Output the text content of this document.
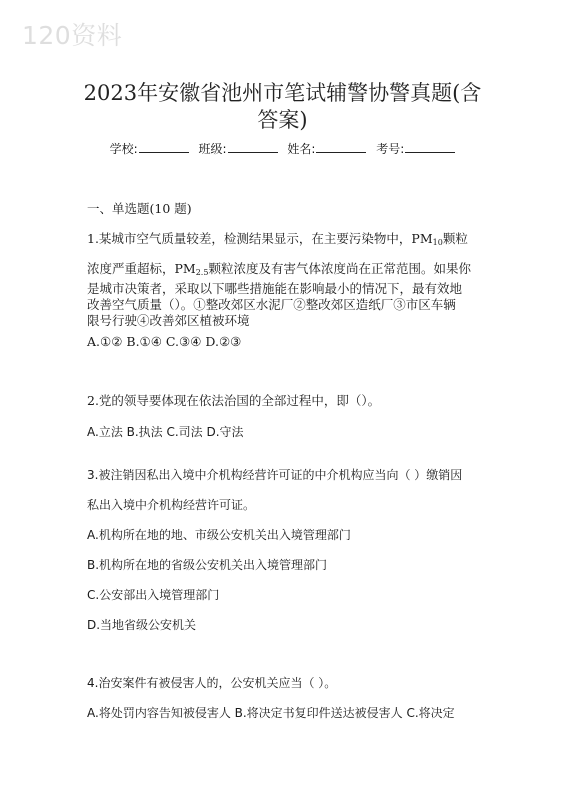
120资料
2023年安徽省池州市笔试辅警协警真题(含
答案)
学校:	班级:	姓名:	考号:
一、单选题(10 题)
1.某城市空气质量较差，检测结果显示，在主要污染物中，$PM_{10}$颗粒
浓度严重超标，$PM_{2.5}$颗粒浓度及有害气体浓度尚在正常范围。如果你
是城市决策者，采取以下哪些措施能在影响最小的情况下，最有效地
改善空气质量（）。①整改郊区水泥厂②整改郊区造纸厂③市区车辆
限号行驶④改善郊区植被环境
A.①② B.①④ C.③④ D.②③
2.党的领导要体现在依法治国的全部过程中，即（）。
A.立法 B.执法 C.司法 D.守法
3.被注销因私出入境中介机构经营许可证的中介机构应当向（ ）缴销因
私出入境中介机构经营许可证。
A.机构所在地的地、市级公安机关出入境管理部门
B.机构所在地的省级公安机关出入境管理部门
C.公安部出入境管理部门
D.当地省级公安机关
4.治安案件有被侵害人的，公安机关应当（ ）。
A.将处罚内容告知被侵害人 B.将决定书复印件送达被侵害人 C.将决定
